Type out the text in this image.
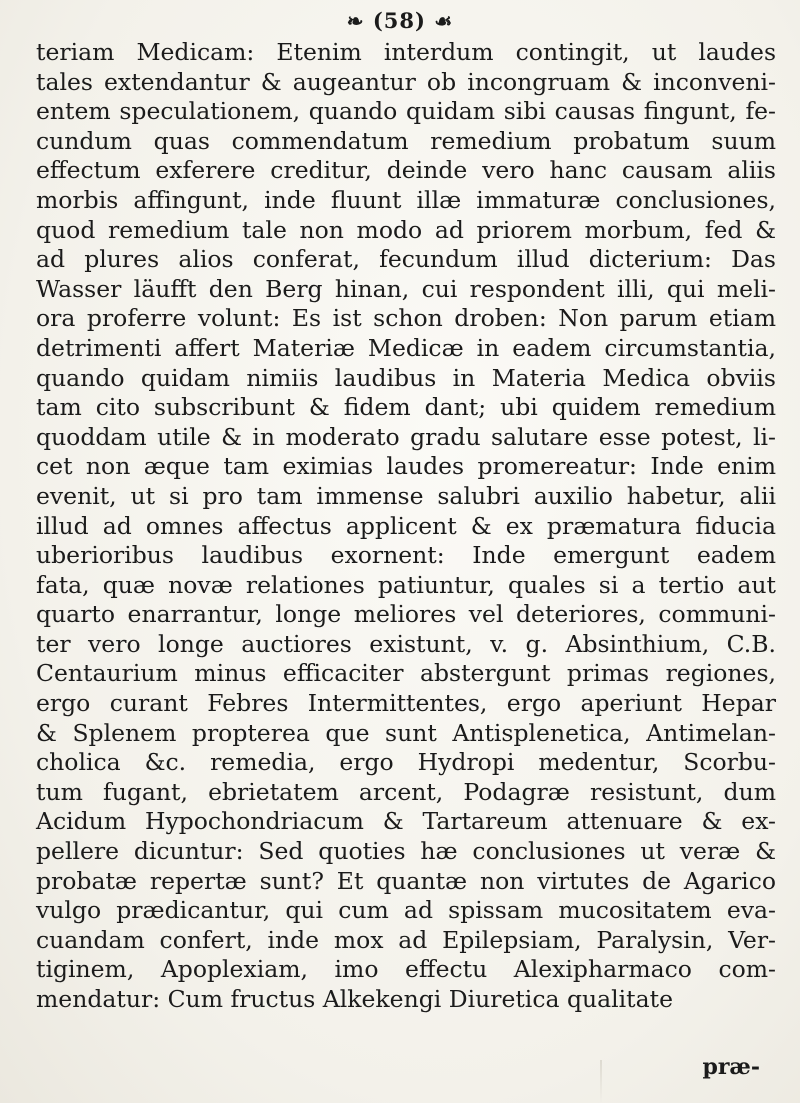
❧ (58) ☙
teriam Medicam: Etenim interdum contingit, ut laudes
tales extendantur & augeantur ob incongruam & inconveni-
entem speculationem, quando quidam sibi causas fingunt, fe-
cundum quas commendatum remedium probatum suum
effectum exferere creditur, deinde vero hanc causam aliis
morbis affingunt, inde fluunt illæ immaturæ conclusiones,
quod remedium tale non modo ad priorem morbum, fed &
ad plures alios conferat, fecundum illud dicterium: Das
Wasser läufft den Berg hinan, cui respondent illi, qui meli-
ora proferre volunt: Es ist schon droben: Non parum etiam
detrimenti affert Materiæ Medicæ in eadem circumstantia,
quando quidam nimiis laudibus in Materia Medica obviis
tam cito subscribunt & fidem dant; ubi quidem remedium
quoddam utile & in moderato gradu salutare esse potest, li-
cet non æque tam eximias laudes promereatur: Inde enim
evenit, ut si pro tam immense salubri auxilio habetur, alii
illud ad omnes affectus applicent & ex præmatura fiducia
uberioribus laudibus exornent: Inde emergunt eadem
fata, quæ novæ relationes patiuntur, quales si a tertio aut
quarto enarrantur, longe meliores vel deteriores, communi-
ter vero longe auctiores existunt, v. g. Absinthium, C.B.
Centaurium minus efficaciter abstergunt primas regiones,
ergo curant Febres Intermittentes, ergo aperiunt Hepar
& Splenem propterea que sunt Antisplenetica, Antimelan-
cholica &c. remedia, ergo Hydropi medentur, Scorbu-
tum fugant, ebrietatem arcent, Podagræ resistunt, dum
Acidum Hypochondriacum & Tartareum attenuare & ex-
pellere dicuntur: Sed quoties hæ conclusiones ut veræ &
probatæ repertæ sunt? Et quantæ non virtutes de Agarico
vulgo prædicantur, qui cum ad spissam mucositatem eva-
cuandam confert, inde mox ad Epilepsiam, Paralysin, Ver-
tiginem, Apoplexiam, imo effectu Alexipharmaco com-
mendatur: Cum fructus Alkekengi Diuretica qualitate
præ-
